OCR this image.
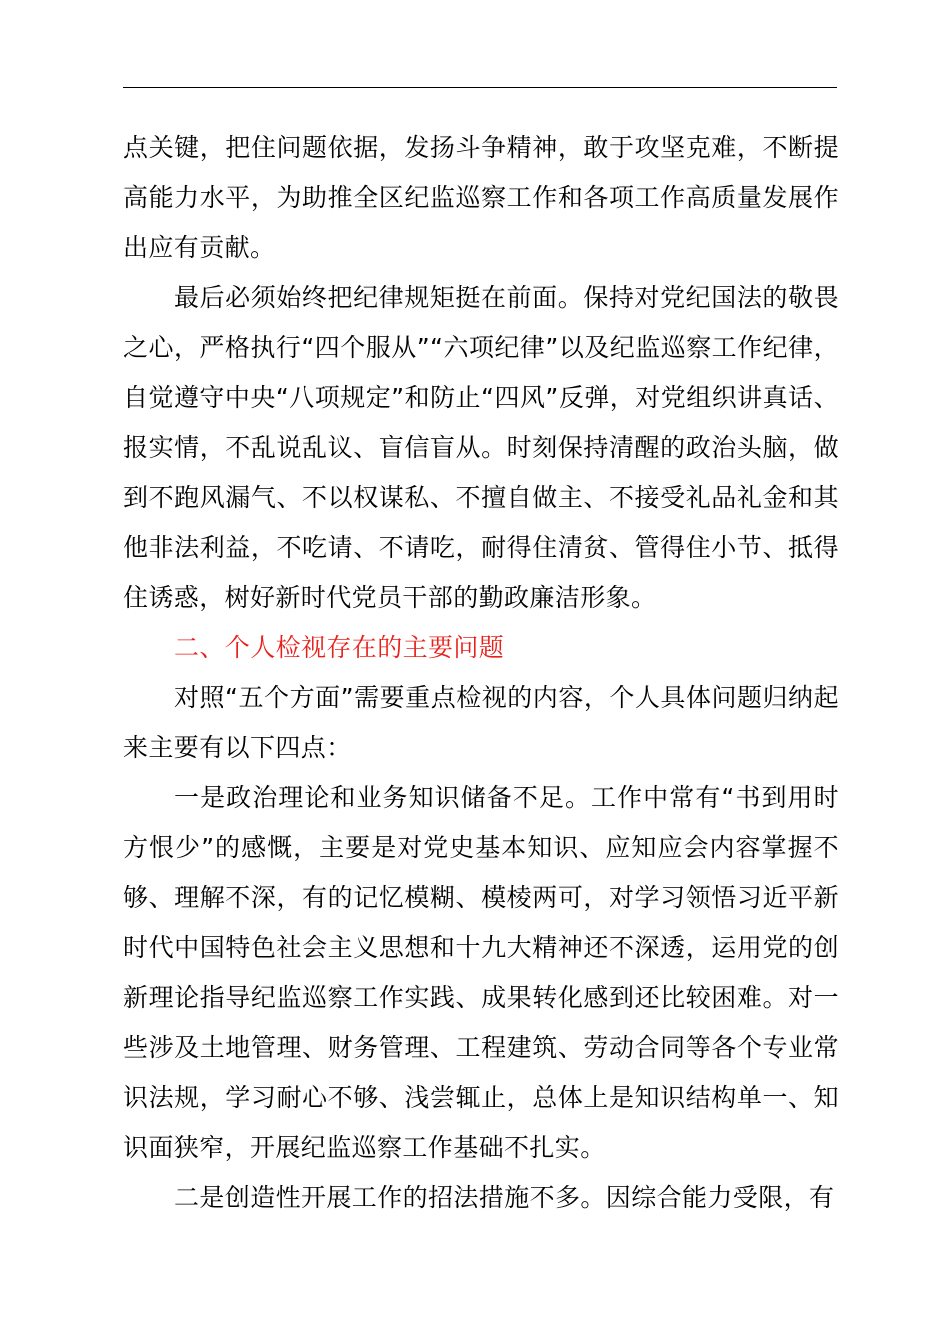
点关键，把住问题依据，发扬斗争精神，敢于攻坚克难，不断提高能力水平，为助推全区纪监巡察工作和各项工作高质量发展作出应有贡献。

最后必须始终把纪律规矩挺在前面。保持对党纪国法的敬畏之心，严格执行“四个服从”“六项纪律”以及纪监巡察工作纪律，自觉遵守中央“八项规定”和防止“四风”反弹，对党组织讲真话、报实情，不乱说乱议、盲信盲从。时刻保持清醒的政治头脑，做到不跑风漏气、不以权谋私、不擅自做主、不接受礼品礼金和其他非法利益，不吃请、不请吃，耐得住清贫、管得住小节、抵得住诱惑，树好新时代党员干部的勤政廉洁形象。

二、个人检视存在的主要问题

对照“五个方面”需要重点检视的内容，个人具体问题归纳起来主要有以下四点：

一是政治理论和业务知识储备不足。工作中常有“书到用时方恨少”的感慨，主要是对党史基本知识、应知应会内容掌握不够、理解不深，有的记忆模糊、模棱两可，对学习领悟习近平新时代中国特色社会主义思想和十九大精神还不深透，运用党的创新理论指导纪监巡察工作实践、成果转化感到还比较困难。对一些涉及土地管理、财务管理、工程建筑、劳动合同等各个专业常识法规，学习耐心不够、浅尝辄止，总体上是知识结构单一、知识面狭窄，开展纪监巡察工作基础不扎实。

二是创造性开展工作的招法措施不多。因综合能力受限，有
